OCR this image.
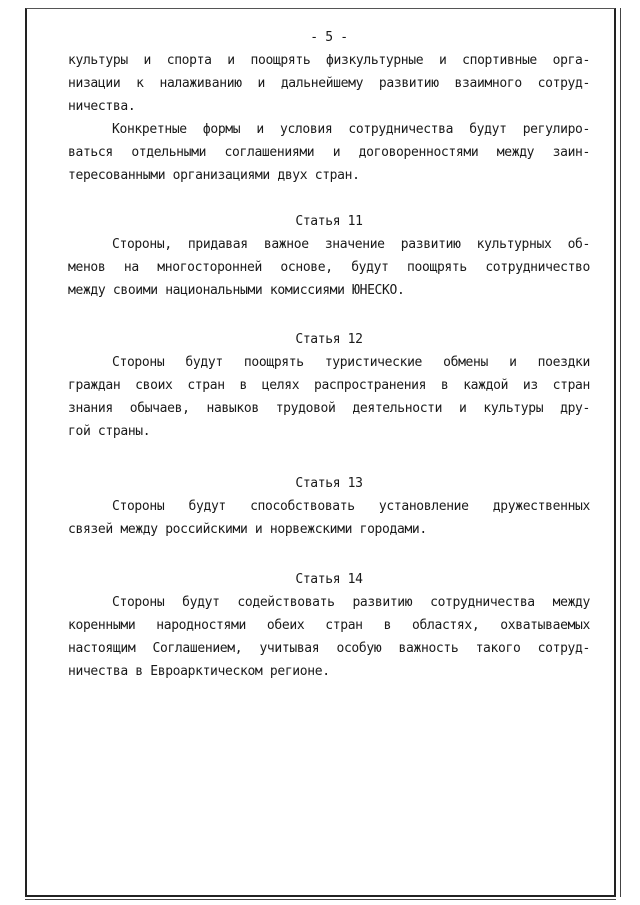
- 5 -
культуры и спорта и поощрять физкультурные и спортивные орга-
низации к налаживанию и дальнейшему развитию взаимного сотруд-
ничества.
Конкретные формы и условия сотрудничества будут регулиро-
ваться отдельными соглашениями и договоренностями между заин-
тересованными организациями двух стран.
Статья 11
Стороны, придавая важное значение развитию культурных об-
менов на многосторонней основе, будут поощрять сотрудничество
между своими национальными комиссиями ЮНЕСКО.
Статья 12
Стороны будут поощрять туристические обмены и поездки
граждан своих стран в целях распространения в каждой из стран
знания обычаев, навыков трудовой деятельности и культуры дру-
гой страны.
Статья 13
Стороны будут способствовать установление дружественных
связей между российскими и норвежскими городами.
Статья 14
Стороны будут содействовать развитию сотрудничества между
коренными народностями обеих стран в областях, охватываемых
настоящим Соглашением, учитывая особую важность такого сотруд-
ничества в Евроарктическом регионе.
